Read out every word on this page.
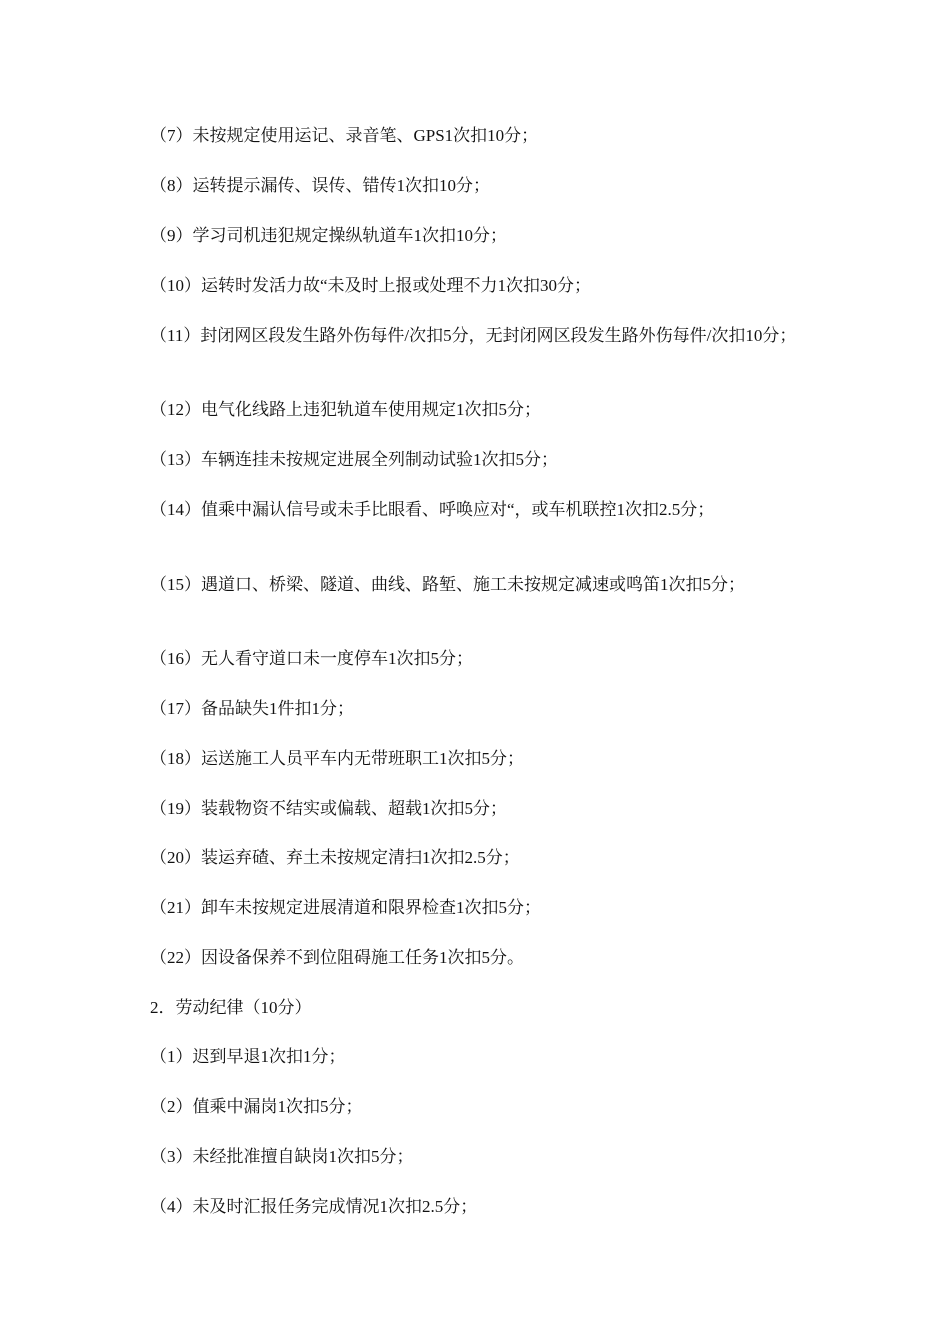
（7）未按规定使用运记、录音笔、GPS1次扣10分；
（8）运转提示漏传、误传、错传1次扣10分；
（9）学习司机违犯规定操纵轨道车1次扣10分；
（10）运转时发活力故“未及时上报或处理不力1次扣30分；
（11）封闭网区段发生路外伤每件/次扣5分，无封闭网区段发生路外伤每件/次扣10分；
（12）电气化线路上违犯轨道车使用规定1次扣5分；
（13）车辆连挂未按规定进展全列制动试验1次扣5分；
（14）值乘中漏认信号或未手比眼看、呼唤应对“，或车机联控1次扣2.5分；
（15）遇道口、桥梁、隧道、曲线、路堑、施工未按规定减速或鸣笛1次扣5分；
（16）无人看守道口未一度停车1次扣5分；
（17）备品缺失1件扣1分；
（18）运送施工人员平车内无带班职工1次扣5分；
（19）装载物资不结实或偏载、超载1次扣5分；
（20）装运弃碴、弃土未按规定清扫1次扣2.5分；
（21）卸车未按规定进展清道和限界检查1次扣5分；
（22）因设备保养不到位阻碍施工任务1次扣5分。
2．劳动纪律（10分）
（1）迟到早退1次扣1分；
（2）值乘中漏岗1次扣5分；
（3）未经批准擅自缺岗1次扣5分；
（4）未及时汇报任务完成情况1次扣2.5分；
